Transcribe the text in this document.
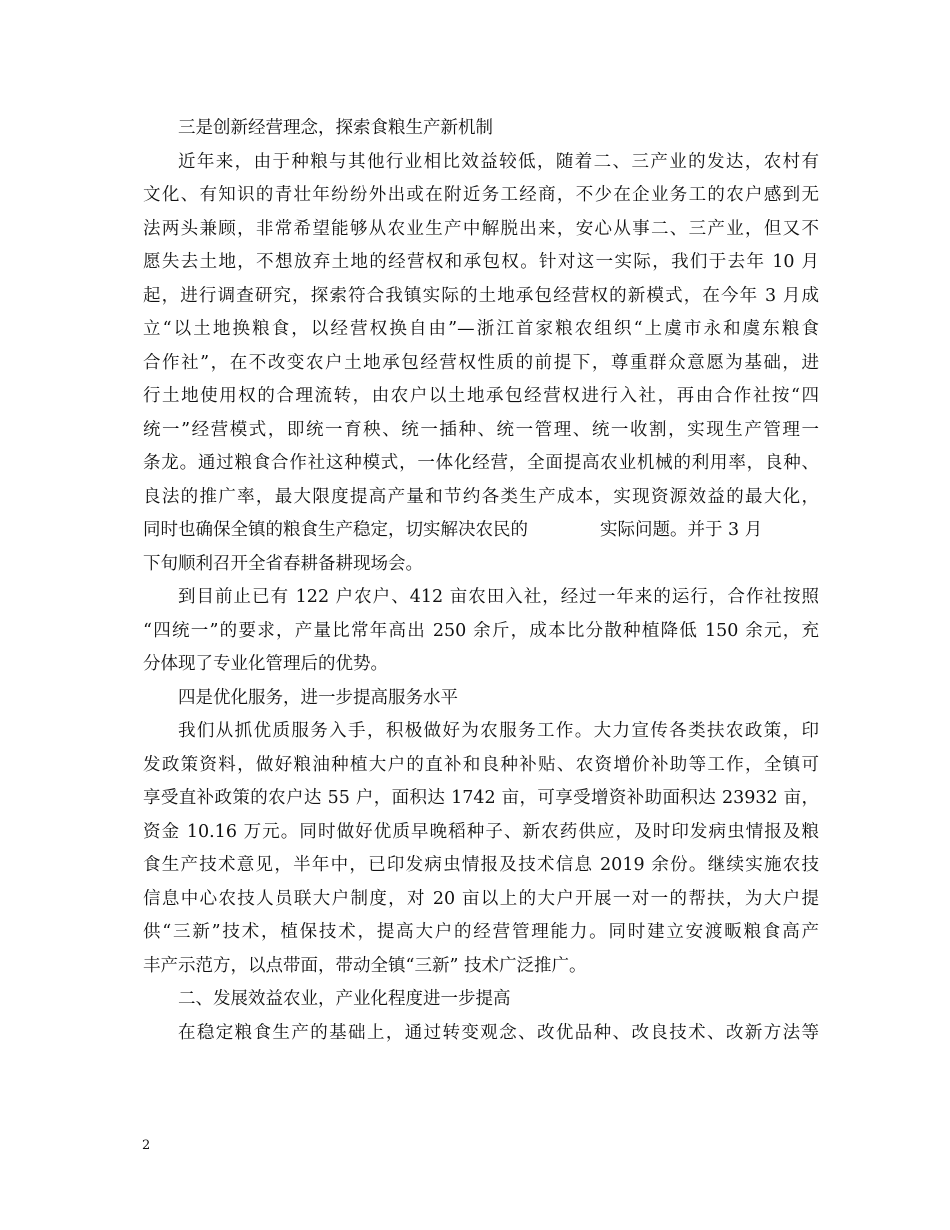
三是创新经营理念，探索食粮生产新机制
近年来，由于种粮与其他行业相比效益较低，随着二、三产业的发达，农村有
文化、有知识的青壮年纷纷外出或在附近务工经商，不少在企业务工的农户感到无
法两头兼顾，非常希望能够从农业生产中解脱出来，安心从事二、三产业，但又不
愿失去土地，不想放弃土地的经营权和承包权。针对这一实际，我们于去年 10 月
起，进行调查研究，探索符合我镇实际的土地承包经营权的新模式，在今年 3 月成
立“以土地换粮食，以经营权换自由”—浙江首家粮农组织“上虞市永和虞东粮食
合作社”，在不改变农户土地承包经营权性质的前提下，尊重群众意愿为基础，进
行土地使用权的合理流转，由农户以土地承包经营权进行入社，再由合作社按“四
统一”经营模式，即统一育秧、统一插种、统一管理、统一收割，实现生产管理一
条龙。通过粮食合作社这种模式，一体化经营，全面提高农业机械的利用率，良种、
良法的推广率，最大限度提高产量和节约各类生产成本，实现资源效益的最大化，
同时也确保全镇的粮食生产稳定，切实解决农民的	实际问题。并于 3 月
下旬顺利召开全省春耕备耕现场会。
到目前止已有 122 户农户、412 亩农田入社，经过一年来的运行，合作社按照
“四统一”的要求，产量比常年高出 250 余斤，成本比分散种植降低 150 余元，充
分体现了专业化管理后的优势。
四是优化服务，进一步提高服务水平
我们从抓优质服务入手，积极做好为农服务工作。大力宣传各类扶农政策，印
发政策资料，做好粮油种植大户的直补和良种补贴、农资增价补助等工作，全镇可
享受直补政策的农户达 55 户，面积达 1742 亩，可享受增资补助面积达 23932 亩，
资金 10.16 万元。同时做好优质早晚稻种子、新农药供应，及时印发病虫情报及粮
食生产技术意见，半年中，已印发病虫情报及技术信息 2019 余份。继续实施农技
信息中心农技人员联大户制度，对 20 亩以上的大户开展一对一的帮扶，为大户提
供“三新”技术，植保技术，提高大户的经营管理能力。同时建立安渡畈粮食高产
丰产示范方，以点带面，带动全镇“三新” 技术广泛推广。
二、发展效益农业，产业化程度进一步提高
在稳定粮食生产的基础上，通过转变观念、改优品种、改良技术、改新方法等
2
